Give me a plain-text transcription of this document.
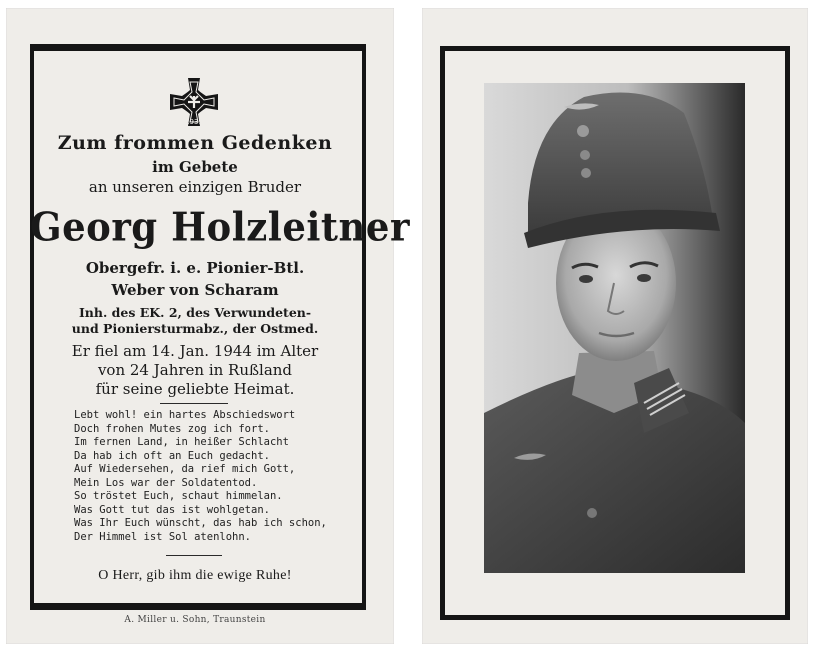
1939
Zum frommen Gedenken
im Gebete
an unseren einzigen Bruder
Georg Holzleitner
Obergefr. i. e. Pionier-Btl.
Weber von Scharam
Inh. des EK. 2, des Verwundeten-
und Pioniersturmabz., der Ostmed.
Er fiel am 14. Jan. 1944 im Alter
von 24 Jahren in Rußland
für seine geliebte Heimat.
Lebt wohl! ein hartes Abschiedswort
Doch frohen Mutes zog ich fort.
Im fernen Land, in heißer Schlacht
Da hab ich oft an Euch gedacht.
Auf Wiedersehen, da rief mich Gott,
Mein Los war der Soldatentod.
So tröstet Euch, schaut himmelan.
Was Gott tut das ist wohlgetan.
Was Ihr Euch wünscht, das hab ich schon,
Der Himmel ist Sol atenlohn.
O Herr, gib ihm die ewige Ruhe!
A. Miller u. Sohn, Traunstein
